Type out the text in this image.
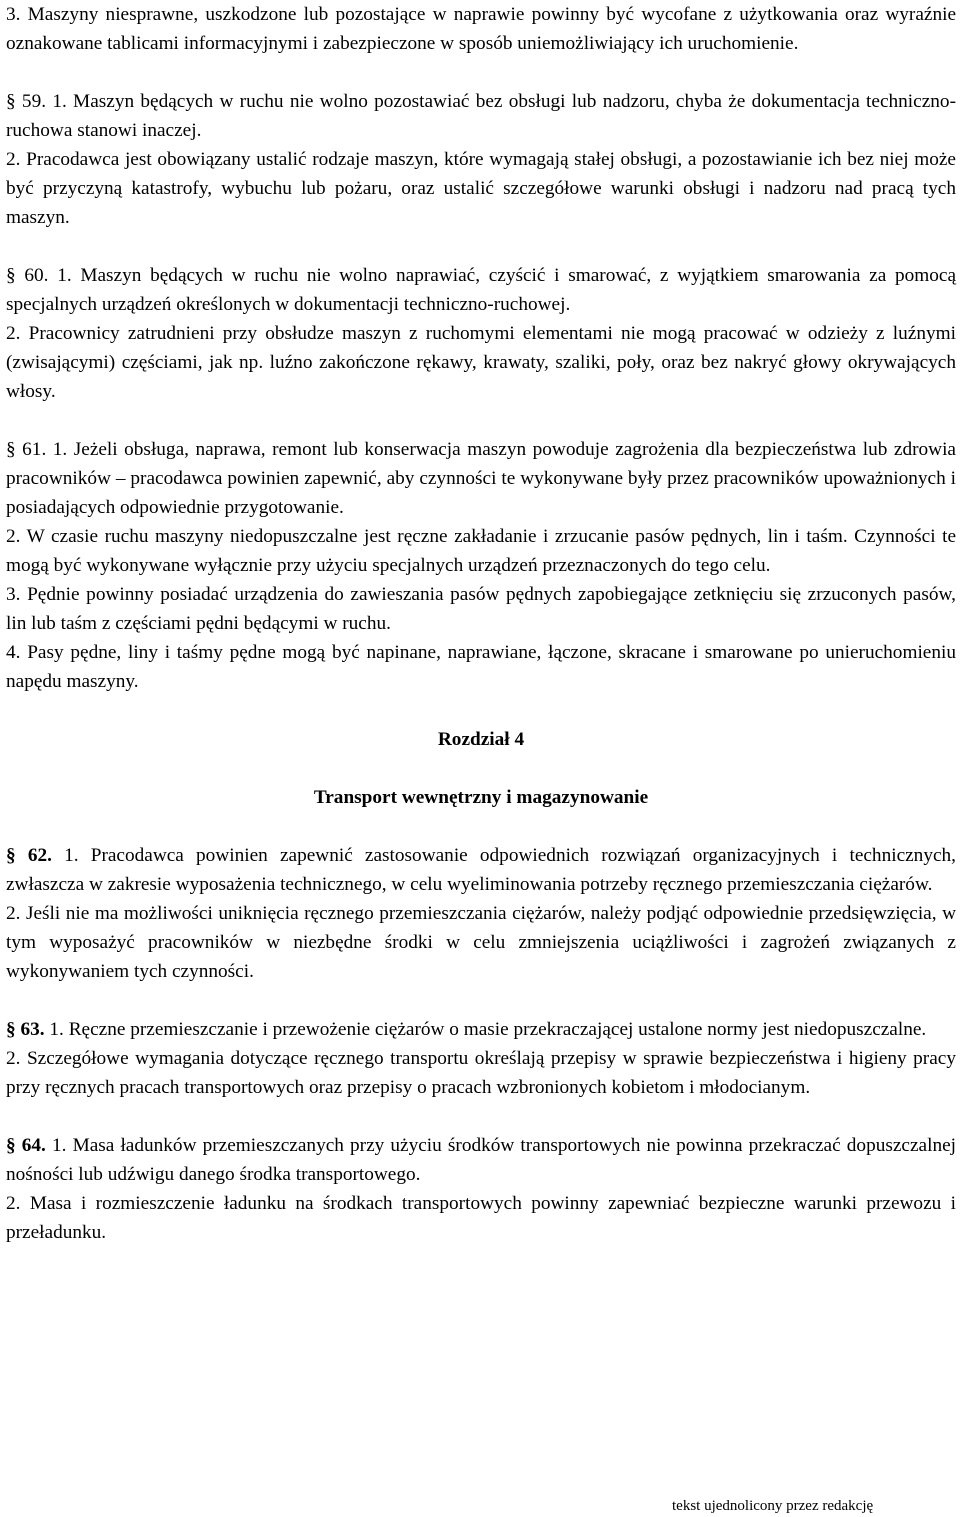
3. Maszyny niesprawne, uszkodzone lub pozostające w naprawie powinny być wycofane z użytkowania oraz wyraźnie oznakowane tablicami informacyjnymi i zabezpieczone w sposób uniemożliwiający ich uruchomienie.

§ 59. 1. Maszyn będących w ruchu nie wolno pozostawiać bez obsługi lub nadzoru, chyba że dokumentacja techniczno-ruchowa stanowi inaczej.

2. Pracodawca jest obowiązany ustalić rodzaje maszyn, które wymagają stałej obsługi, a pozostawianie ich bez niej może być przyczyną katastrofy, wybuchu lub pożaru, oraz ustalić szczegółowe warunki obsługi i nadzoru nad pracą tych maszyn.

§ 60. 1. Maszyn będących w ruchu nie wolno naprawiać, czyścić i smarować, z wyjątkiem smarowania za pomocą specjalnych urządzeń określonych w dokumentacji techniczno-ruchowej.

2. Pracownicy zatrudnieni przy obsłudze maszyn z ruchomymi elementami nie mogą pracować w odzieży z luźnymi (zwisającymi) częściami, jak np. luźno zakończone rękawy, krawaty, szaliki, poły, oraz bez nakryć głowy okrywających włosy.

§ 61. 1. Jeżeli obsługa, naprawa, remont lub konserwacja maszyn powoduje zagrożenia dla bezpieczeństwa lub zdrowia pracowników – pracodawca powinien zapewnić, aby czynności te wykonywane były przez pracowników upoważnionych i posiadających odpowiednie przygotowanie.

2. W czasie ruchu maszyny niedopuszczalne jest ręczne zakładanie i zrzucanie pasów pędnych, lin i taśm. Czynności te mogą być wykonywane wyłącznie przy użyciu specjalnych urządzeń przeznaczonych do tego celu.

3. Pędnie powinny posiadać urządzenia do zawieszania pasów pędnych zapobiegające zetknięciu się zrzuconych pasów, lin lub taśm z częściami pędni będącymi w ruchu.

4. Pasy pędne, liny i taśmy pędne mogą być napinane, naprawiane, łączone, skracane i smarowane po unieruchomieniu napędu maszyny.

Rozdział 4

Transport wewnętrzny i magazynowanie

§ 62. 1. Pracodawca powinien zapewnić zastosowanie odpowiednich rozwiązań organizacyjnych i technicznych, zwłaszcza w zakresie wyposażenia technicznego, w celu wyeliminowania potrzeby ręcznego przemieszczania ciężarów.

2. Jeśli nie ma możliwości uniknięcia ręcznego przemieszczania ciężarów, należy podjąć odpowiednie przedsięwzięcia, w tym wyposażyć pracowników w niezbędne środki w celu zmniejszenia uciążliwości i zagrożeń związanych z wykonywaniem tych czynności.

§ 63. 1. Ręczne przemieszczanie i przewożenie ciężarów o masie przekraczającej ustalone normy jest niedopuszczalne.

2. Szczegółowe wymagania dotyczące ręcznego transportu określają przepisy w sprawie bezpieczeństwa i higieny pracy przy ręcznych pracach transportowych oraz przepisy o pracach wzbronionych kobietom i młodocianym.

§ 64. 1. Masa ładunków przemieszczanych przy użyciu środków transportowych nie powinna przekraczać dopuszczalnej nośności lub udźwigu danego środka transportowego.

2. Masa i rozmieszczenie ładunku na środkach transportowych powinny zapewniać bezpieczne warunki przewozu i przeładunku.

tekst ujednolicony przez redakcję
